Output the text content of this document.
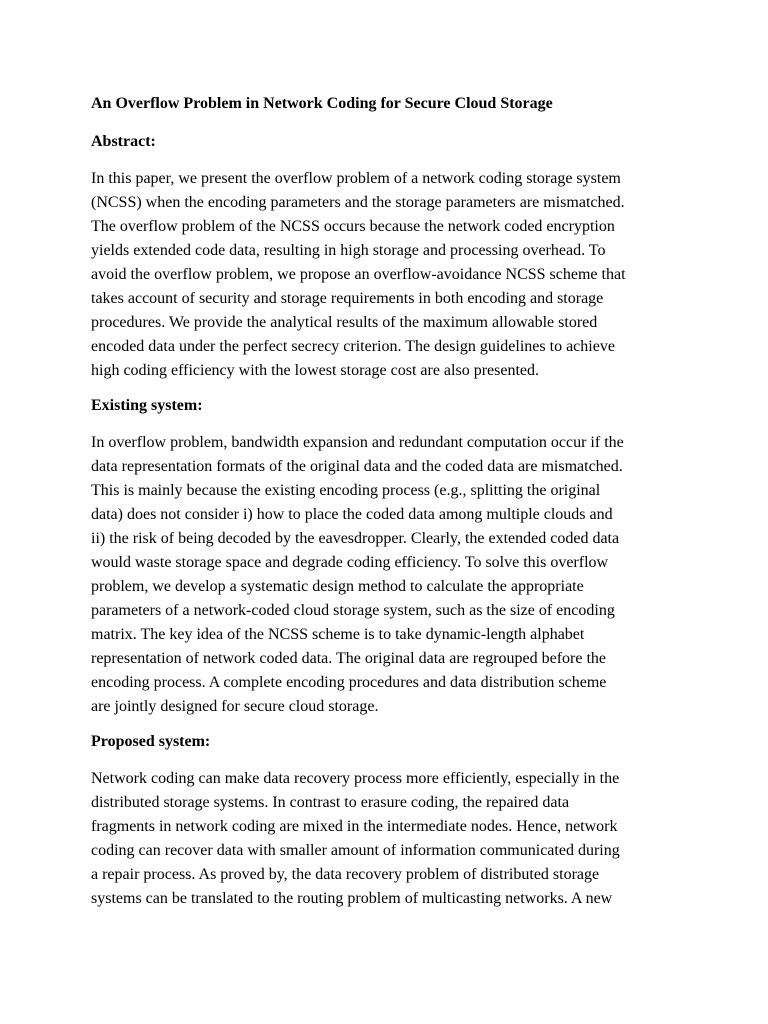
An Overflow Problem in Network Coding for Secure Cloud Storage
Abstract:
In this paper, we present the overflow problem of a network coding storage system
(NCSS) when the encoding parameters and the storage parameters are mismatched.
The overflow problem of the NCSS occurs because the network coded encryption
yields extended code data, resulting in high storage and processing overhead. To
avoid the overflow problem, we propose an overflow-avoidance NCSS scheme that
takes account of security and storage requirements in both encoding and storage
procedures. We provide the analytical results of the maximum allowable stored
encoded data under the perfect secrecy criterion. The design guidelines to achieve
high coding efficiency with the lowest storage cost are also presented.
Existing system:
In overflow problem, bandwidth expansion and redundant computation occur if the
data representation formats of the original data and the coded data are mismatched.
This is mainly because the existing encoding process (e.g., splitting the original
data) does not consider i) how to place the coded data among multiple clouds and
ii) the risk of being decoded by the eavesdropper. Clearly, the extended coded data
would waste storage space and degrade coding efficiency. To solve this overflow
problem, we develop a systematic design method to calculate the appropriate
parameters of a network-coded cloud storage system, such as the size of encoding
matrix. The key idea of the NCSS scheme is to take dynamic-length alphabet
representation of network coded data. The original data are regrouped before the
encoding process. A complete encoding procedures and data distribution scheme
are jointly designed for secure cloud storage.
Proposed system:
Network coding can make data recovery process more efficiently, especially in the
distributed storage systems. In contrast to erasure coding, the repaired data
fragments in network coding are mixed in the intermediate nodes. Hence, network
coding can recover data with smaller amount of information communicated during
a repair process. As proved by, the data recovery problem of distributed storage
systems can be translated to the routing problem of multicasting networks. A new
